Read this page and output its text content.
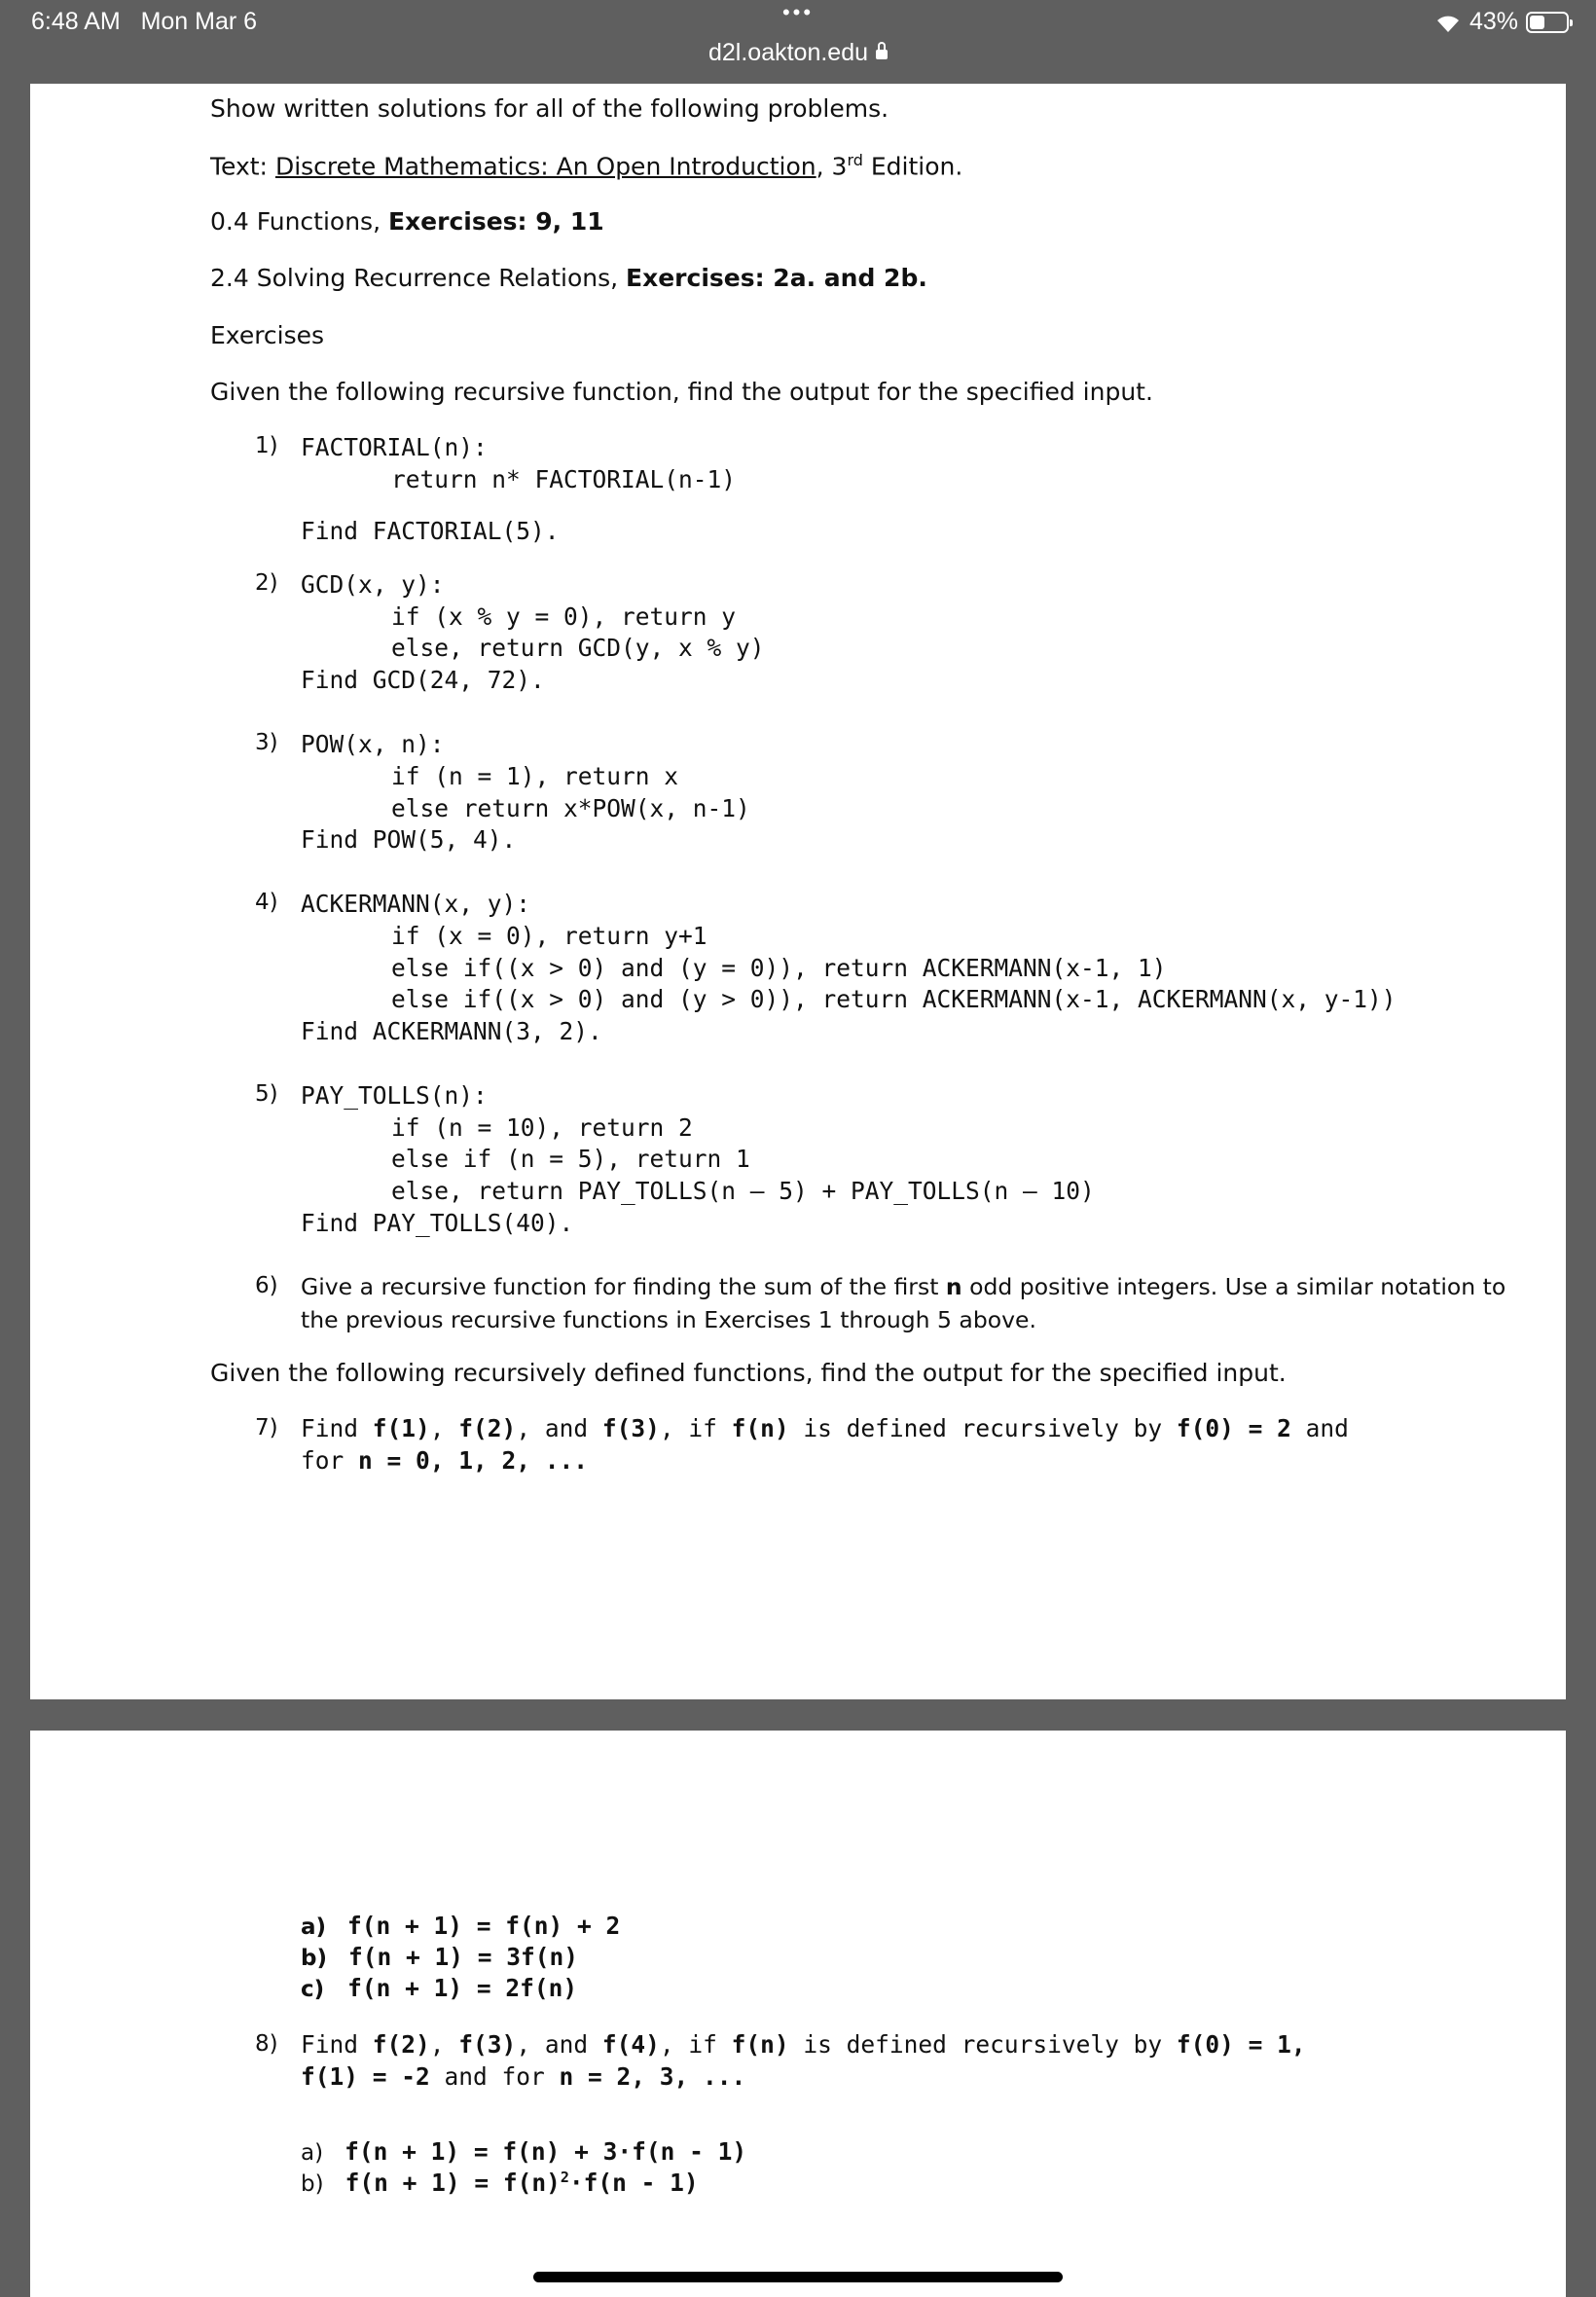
6:48 AM Mon Mar 6	•••
d2l.oakton.edu
43%
Show written solutions for all of the following problems.
Text: Discrete Mathematics: An Open Introduction, 3rd Edition.
0.4 Functions, Exercises: 9, 11
2.4 Solving Recurrence Relations, Exercises: 2a. and 2b.
Exercises
Given the following recursive function, find the output for the specified input.
1) FACTORIAL(n):
return n* FACTORIAL(n-1)
Find FACTORIAL(5).
2) GCD(x, y):
if (x % y = 0), return y
else, return GCD(y, x % y)
Find GCD(24, 72).
3) POW(x, n):
if (n = 1), return x
else return x*POW(x, n-1)
Find POW(5, 4).
4) ACKERMANN(x, y):
if (x = 0), return y+1
else if((x > 0) and (y = 0)), return ACKERMANN(x-1, 1)
else if((x > 0) and (y > 0)), return ACKERMANN(x-1, ACKERMANN(x, y-1))
Find ACKERMANN(3, 2).
5) PAY_TOLLS(n):
if (n = 10), return 2
else if (n = 5), return 1
else, return PAY_TOLLS(n – 5) + PAY_TOLLS(n – 10)
Find PAY_TOLLS(40).
6) Give a recursive function for finding the sum of the first n odd positive integers. Use a similar notation to
the previous recursive functions in Exercises 1 through 5 above.
Given the following recursively defined functions, find the output for the specified input.
7) Find f(1), f(2), and f(3), if f(n) is defined recursively by f(0) = 2 and
for n = 0, 1, 2, ...
a) f(n + 1) = f(n) + 2
b) f(n + 1) = 3f(n)
c) f(n + 1) = 2f(n)
8) Find f(2), f(3), and f(4), if f(n) is defined recursively by f(0) = 1,
f(1) = -2 and for n = 2, 3, ...
a) f(n + 1) = f(n) + 3·f(n - 1)
b) $f(n + 1) = f(n)^2\cdot f(n - 1)$
